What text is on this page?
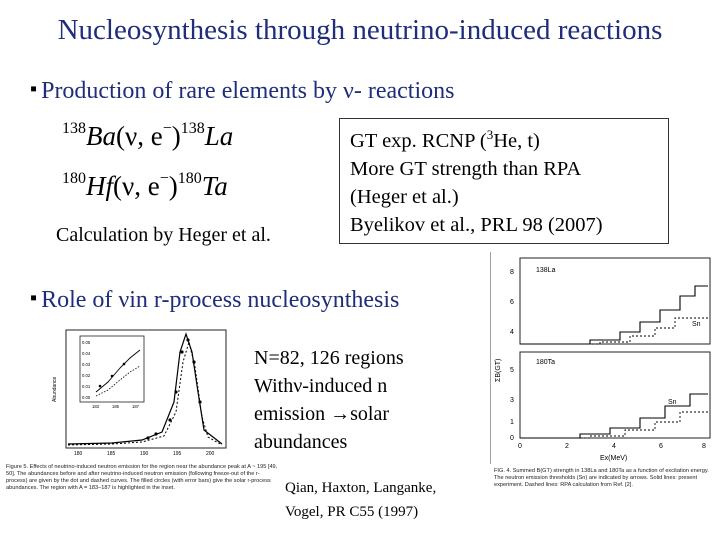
Nucleosynthesis through neutrino-induced reactions
▪ Production of rare elements by ν- reactions
$^{138}$Ba(ν, e−)$^{138}$La
$^{180}$Hf(ν, e−)$^{180}$Ta
Calculation by Heger et al.
GT exp. RCNP ($^3$He, t)
More GT strength than RPA
(Heger et al.)
Byelikov et al., PRL 98 (2007)
▪ Role of νin r-process nucleosynthesis
N=82, 126 regions
Withν-induced n
emission →solar
abundances
Qian, Haxton, Langanke,
Vogel, PR C55 (1997)
Abundance
180	185	190	195	200
0.05
0.04
0.03
0.02
0.01
0.00
183	185	187
Figure 5. Effects of neutrino-induced neutron emission for the region near the abundance peak at A ~ 195 [49, 50]. The abundances before and after neutrino-induced neutron emission (following freeze-out of the r-process) are given by the dot and dashed curves. The filled circles (with error bars) give the solar r-process abundances. The region with A = 183–187 is highlighted in the inset.
ΣB(GT)
138La
8
6
4
Sn
180Ta
5
3
1
0
Sn
0	2	4	6	8
Ex(MeV)
FIG. 4. Summed B(GT) strength in 138La and 180Ta as a function of excitation energy. The neutron emission thresholds (Sn) are indicated by arrows. Solid lines: present experiment. Dashed lines: RPA calculation from Ref. [2].
